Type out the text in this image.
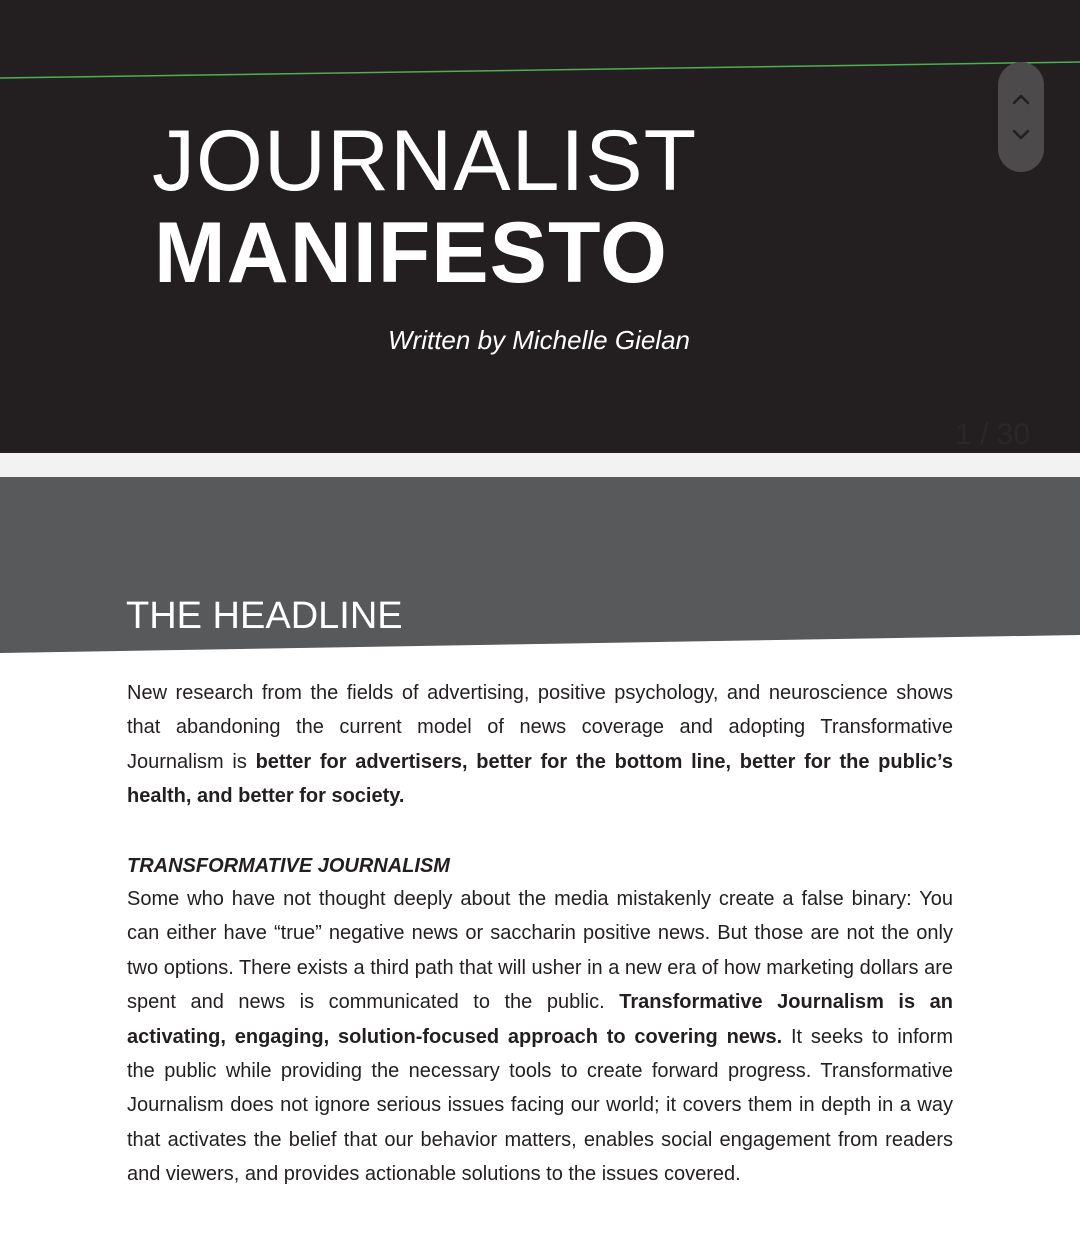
JOURNALIST
MANIFESTO
Written by Michelle Gielan
1 / 30
THE HEADLINE
New research from the fields of advertising, positive psychology, and neuroscience shows that abandoning the current model of news coverage and adopting Transformative Journalism is better for advertisers, better for the bottom line, better for the public’s health, and better for society.
TRANSFORMATIVE JOURNALISM
Some who have not thought deeply about the media mistakenly create a false binary: You can either have “true” negative news or saccharin positive news. But those are not the only two options. There exists a third path that will usher in a new era of how marketing dollars are spent and news is communicated to the public. Transformative Journalism is an activating, engaging, solution-focused approach to covering news. It seeks to inform the public while providing the necessary tools to create forward progress. Transformative Journalism does not ignore serious issues facing our world; it covers them in depth in a way that activates the belief that our behavior matters, enables social engagement from readers and viewers, and provides actionable solutions to the issues covered.
